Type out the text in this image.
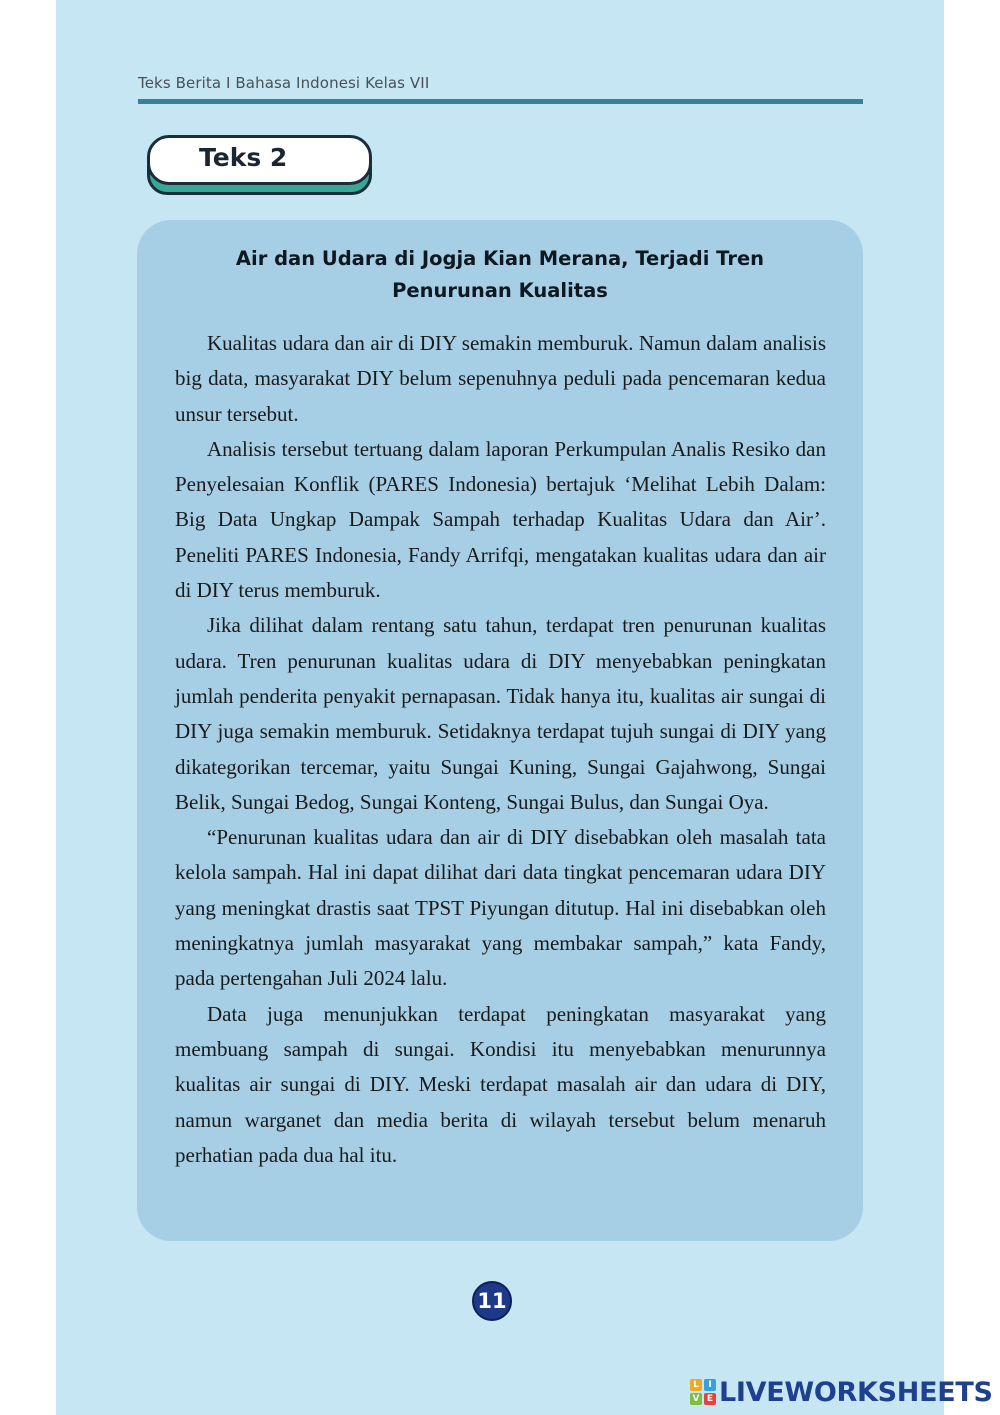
Teks Berita I Bahasa Indonesi Kelas VII
Teks 2
Air dan Udara di Jogja Kian Merana, Terjadi Tren
Penurunan Kualitas

Kualitas udara dan air di DIY semakin memburuk. Namun dalam analisis big data, masyarakat DIY belum sepenuhnya peduli pada pencemaran kedua unsur tersebut.

Analisis tersebut tertuang dalam laporan Perkumpulan Analis Resiko dan Penyelesaian Konflik (PARES Indonesia) bertajuk ‘Melihat Lebih Dalam: Big Data Ungkap Dampak Sampah terhadap Kualitas Udara dan Air’. Peneliti PARES Indonesia, Fandy Arrifqi, mengatakan kualitas udara dan air di DIY terus memburuk.

Jika dilihat dalam rentang satu tahun, terdapat tren penurunan kualitas udara. Tren penurunan kualitas udara di DIY menyebabkan peningkatan jumlah penderita penyakit pernapasan. Tidak hanya itu, kualitas air sungai di DIY juga semakin memburuk. Setidaknya terdapat tujuh sungai di DIY yang dikategorikan tercemar, yaitu Sungai Kuning, Sungai Gajahwong, Sungai Belik, Sungai Bedog, Sungai Konteng, Sungai Bulus, dan Sungai Oya.

“Penurunan kualitas udara dan air di DIY disebabkan oleh masalah tata kelola sampah. Hal ini dapat dilihat dari data tingkat pencemaran udara DIY yang meningkat drastis saat TPST Piyungan ditutup. Hal ini disebabkan oleh meningkatnya jumlah masyarakat yang membakar sampah,” kata Fandy, pada pertengahan Juli 2024 lalu.

Data juga menunjukkan terdapat peningkatan masyarakat yang membuang sampah di sungai. Kondisi itu menyebabkan menurunnya kualitas air sungai di DIY. Meski terdapat masalah air dan udara di DIY, namun warganet dan media berita di wilayah tersebut belum menaruh perhatian pada dua hal itu.

11
L	I
V E LIVEWORKSHEETS
